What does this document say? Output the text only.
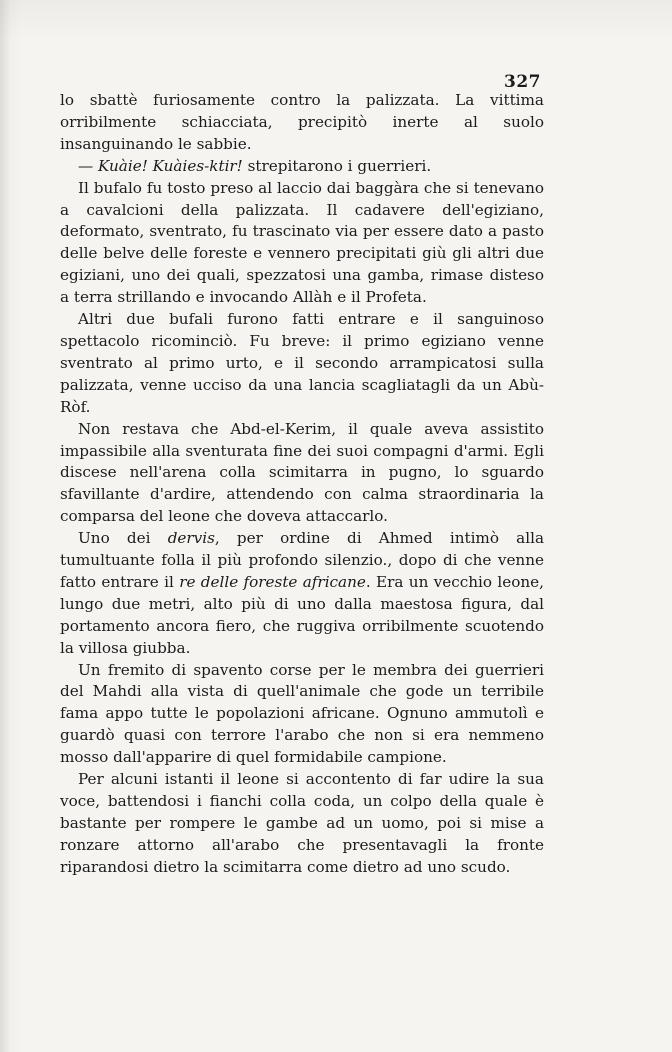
327

lo sbattè furiosamente contro la palizzata. La vittima orribilmente schiacciata, precipitò inerte al suolo insanguinando le sabbie.

— Kuàie! Kuàies-ktir! strepitarono i guerrieri.

Il bufalo fu tosto preso al laccio dai baggàra che si tenevano a cavalcioni della palizzata. Il cadavere dell'egiziano, deformato, sventrato, fu trascinato via per essere dato a pasto delle belve delle foreste e vennero precipitati giù gli altri due egiziani, uno dei quali, spezzatosi una gamba, rimase disteso a terra strillando e invocando Allàh e il Profeta.

Altri due bufali furono fatti entrare e il sanguinoso spettacolo ricominciò. Fu breve: il primo egiziano venne sventrato al primo urto, e il secondo arrampicatosi sulla palizzata, venne ucciso da una lancia scagliatagli da un Abù-Ròf.

Non restava che Abd-el-Kerim, il quale aveva assistito impassibile alla sventurata fine dei suoi compagni d'armi. Egli discese nell'arena colla scimitarra in pugno, lo sguardo sfavillante d'ardire, attendendo con calma straordinaria la comparsa del leone che doveva attaccarlo.

Uno dei dervis, per ordine di Ahmed intimò alla tumultuante folla il più profondo silenzio., dopo di che venne fatto entrare il re delle foreste africane. Era un vecchio leone, lungo due metri, alto più di uno dalla maestosa figura, dal portamento ancora fiero, che ruggiva orribilmente scuotendo la villosa giubba.

Un fremito di spavento corse per le membra dei guerrieri del Mahdi alla vista di quell'animale che gode un terribile fama appo tutte le popolazioni africane. Ognuno ammutolì e guardò quasi con terrore l'arabo che non si era nemmeno mosso dall'apparire di quel formidabile campione.

Per alcuni istanti il leone si accontento di far udire la sua voce, battendosi i fianchi colla coda, un colpo della quale è bastante per rompere le gambe ad un uomo, poi si mise a ronzare attorno all'arabo che presentavagli la fronte riparandosi dietro la scimitarra come dietro ad uno scudo.
